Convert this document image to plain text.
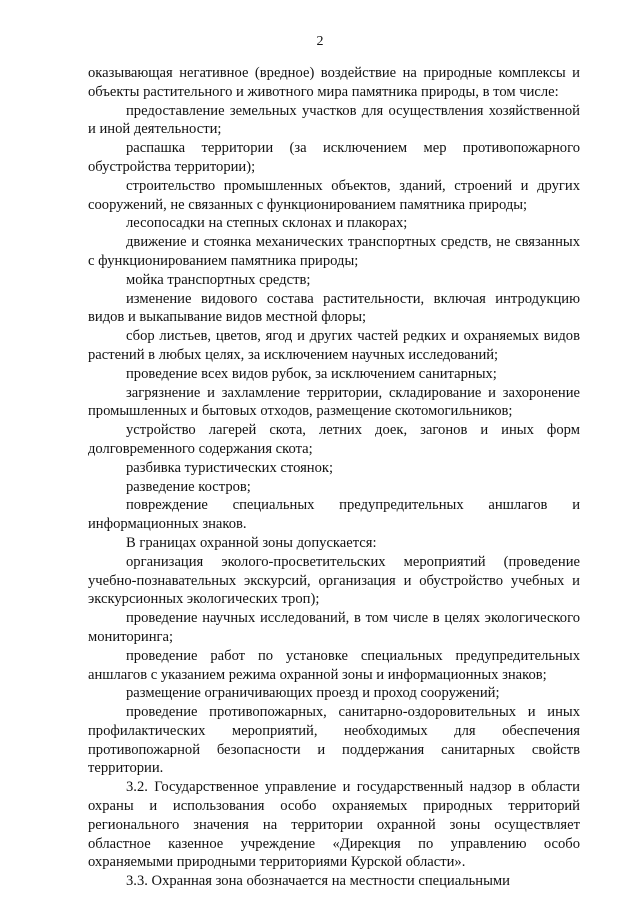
2

оказывающая негативное (вредное) воздействие на природные комплексы и объекты растительного и животного мира памятника природы, в том числе:

предоставление земельных участков для осуществления хозяйственной и иной деятельности;

распашка территории (за исключением мер противопожарного обустройства территории);

строительство промышленных объектов, зданий, строений и других сооружений, не связанных с функционированием памятника природы;

лесопосадки на степных склонах и плакорах;

движение и стоянка механических транспортных средств, не связанных с функционированием памятника природы;

мойка транспортных средств;

изменение видового состава растительности, включая интродукцию видов и выкапывание видов местной флоры;

сбор листьев, цветов, ягод и других частей редких и охраняемых видов растений в любых целях, за исключением научных исследований;

проведение всех видов рубок, за исключением санитарных;

загрязнение и захламление территории, складирование и захоронение промышленных и бытовых отходов, размещение скотомогильников;

устройство лагерей скота, летних доек, загонов и иных форм долговременного содержания скота;

разбивка туристических стоянок;

разведение костров;

повреждение специальных предупредительных аншлагов и информационных знаков.

В границах охранной зоны допускается:

организация эколого-просветительских мероприятий (проведение учебно-познавательных экскурсий, организация и обустройство учебных и экскурсионных экологических троп);

проведение научных исследований, в том числе в целях экологического мониторинга;

проведение работ по установке специальных предупредительных аншлагов с указанием режима охранной зоны и информационных знаков;

размещение ограничивающих проезд и проход сооружений;

проведение противопожарных, санитарно-оздоровительных и иных профилактических мероприятий, необходимых для обеспечения противопожарной безопасности и поддержания санитарных свойств территории.

3.2. Государственное управление и государственный надзор в области охраны и использования особо охраняемых природных территорий регионального значения на территории охранной зоны осуществляет областное казенное учреждение «Дирекция по управлению особо охраняемыми природными территориями Курской области».

3.3. Охранная зона обозначается на местности специальными
